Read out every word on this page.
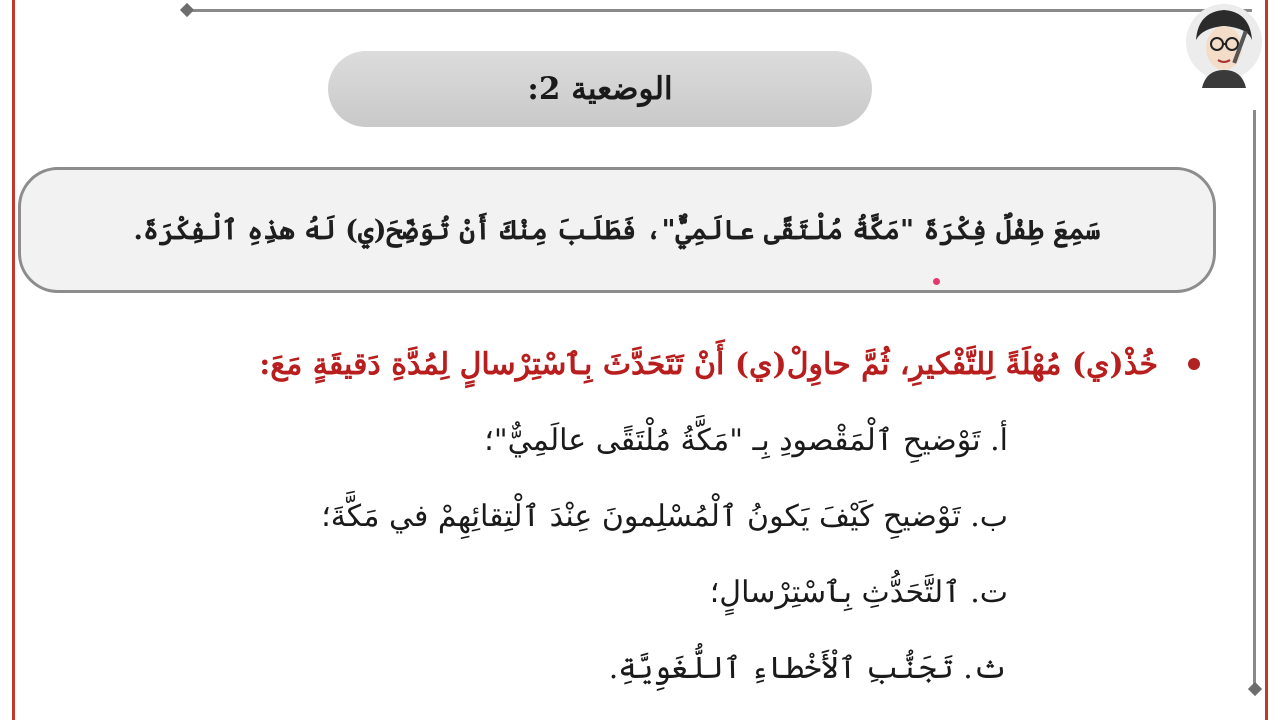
الوضعية 2:
سَمِعَ طِفْلٌ فِكْرَةَ "مَكَّةُ مُلْتَقًى عالَمِيٌّ"، فَطَلَبَ مِنْكَ أَنْ تُوَضِّحَ(ي) لَهُ هذِهِ ٱلْفِكْرَةَ.
خُذْ(ي) مُهْلَةً لِلتَّفْكيرِ، ثُمَّ حاوِلْ(ي) أَنْ تَتَحَدَّثَ بِٱسْتِرْسالٍ لِمُدَّةِ دَقيقَةٍ مَعَ:
أ. تَوْضيحِ ٱلْمَقْصودِ بِـ "مَكَّةُ مُلْتَقًى عالَمِيٌّ"؛
ب. تَوْضيحِ كَيْفَ يَكونُ ٱلْمُسْلِمونَ عِنْدَ ٱلْتِقائِهِمْ في مَكَّةَ؛
ت. ٱلتَّحَدُّثِ بِٱسْتِرْسالٍ؛
ث. تَجَنُّبِ ٱلْأَخْطاءِ ٱللُّغَوِيَّةِ.
